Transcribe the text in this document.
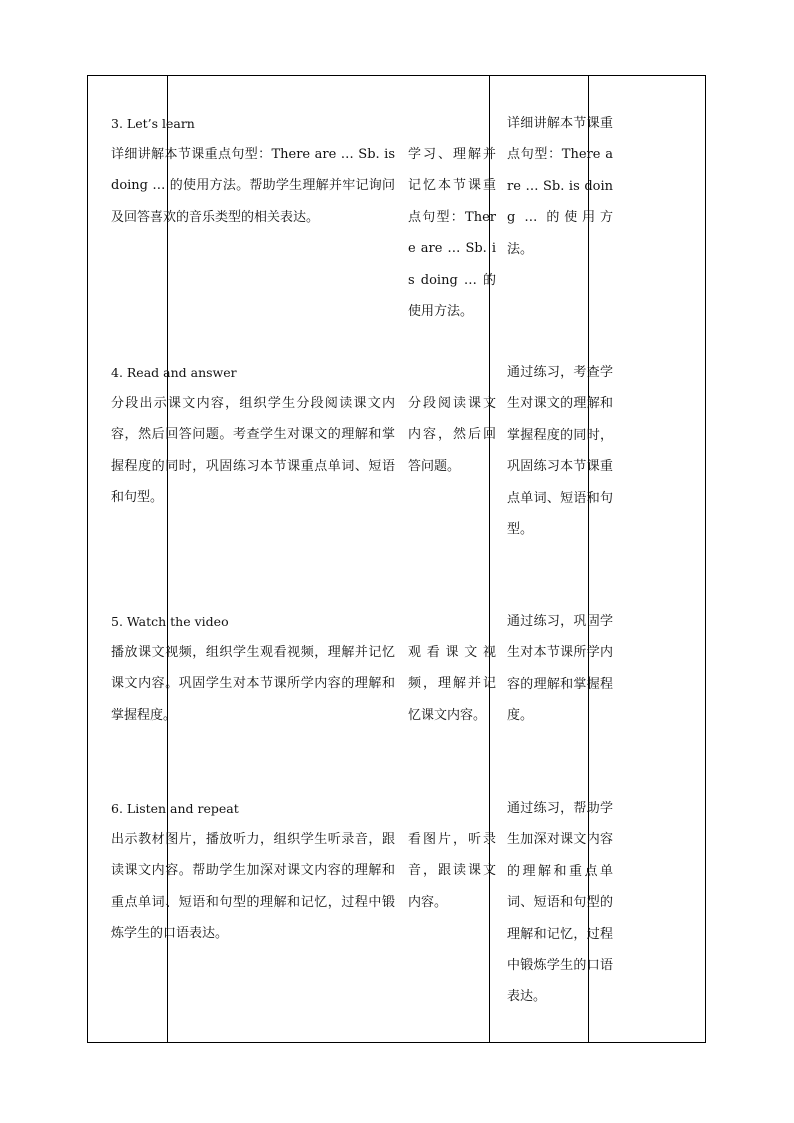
3. Let’s learn
详细讲解本节课重点句型：There are … Sb. is doing … 的使用方法。帮助学生理解并牢记询问及回答喜欢的音乐类型的相关表达。
学习、理解并记忆本节课重点句型：There are … Sb. is doing … 的使用方法。
详细讲解本节课重点句型：There are … Sb. is doing … 的使用方法。
4. Read and answer
分段出示课文内容，组织学生分段阅读课文内容，然后回答问题。考查学生对课文的理解和掌握程度的同时，巩固练习本节课重点单词、短语和句型。
分段阅读课文内容，然后回答问题。
通过练习，考查学生对课文的理解和掌握程度的同时，巩固练习本节课重点单词、短语和句型。
5. Watch the video
播放课文视频，组织学生观看视频，理解并记忆课文内容。巩固学生对本节课所学内容的理解和掌握程度。
观看课文视频，理解并记忆课文内容。
通过练习，巩固学生对本节课所学内容的理解和掌握程度。
6. Listen and repeat
出示教材图片，播放听力，组织学生听录音，跟读课文内容。帮助学生加深对课文内容的理解和重点单词、短语和句型的理解和记忆，过程中锻炼学生的口语表达。
看图片，听录音，跟读课文内容。
通过练习，帮助学生加深对课文内容的理解和重点单词、短语和句型的理解和记忆，过程中锻炼学生的口语表达。
